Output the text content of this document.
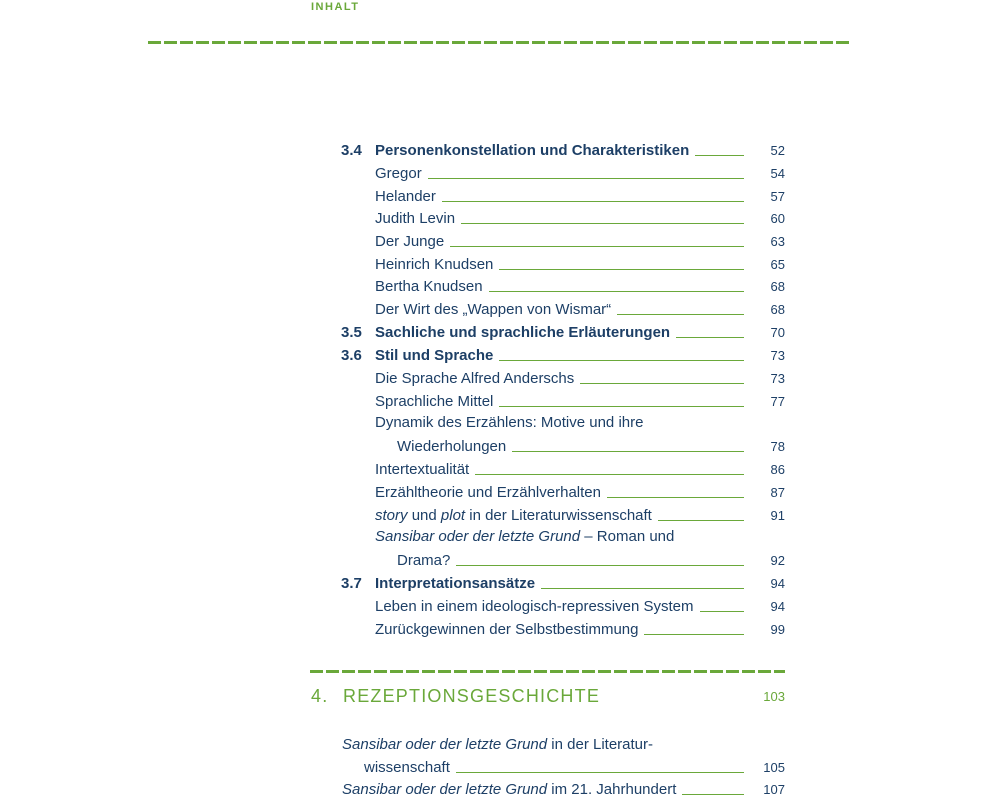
INHALT
3.4 Personenkonstellation und Charakteristiken	52
Gregor	54
Helander	57
Judith Levin	60
Der Junge	63
Heinrich Knudsen	65
Bertha Knudsen	68
Der Wirt des „Wappen von Wismar“	68
3.5 Sachliche und sprachliche Erläuterungen	70
3.6 Stil und Sprache	73
Die Sprache Alfred Anderschs	73
Sprachliche Mittel	77
Dynamik des Erzählens: Motive und ihre
Wiederholungen	78
Intertextualität	86
Erzähltheorie und Erzählverhalten	87
story und plot in der Literaturwissenschaft	91
Sansibar oder der letzte Grund – Roman und
Drama?	92
3.7 Interpretationsansätze	94
Leben in einem ideologisch-repressiven System	94
Zurückgewinnen der Selbstbestimmung	99
4. REZEPTIONSGESCHICHTE	103
Sansibar oder der letzte Grund in der Literatur-
wissenschaft	105
Sansibar oder der letzte Grund im 21. Jahrhundert	107
